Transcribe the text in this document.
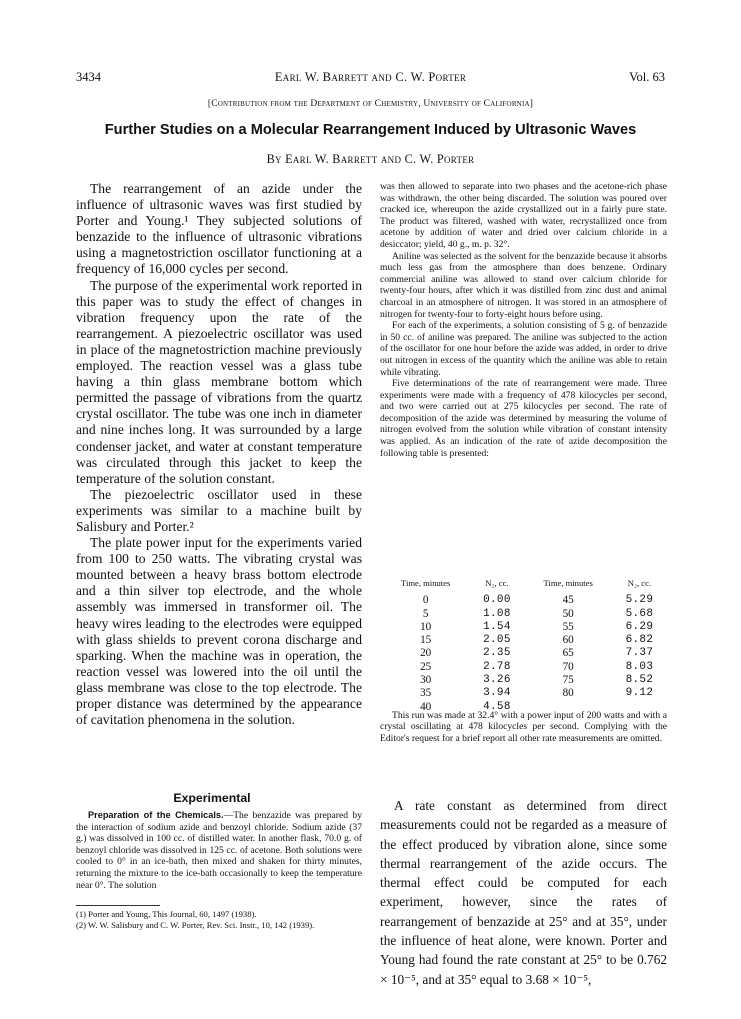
3434	Earl W. Barrett and C. W. Porter	Vol. 63
[Contribution from the Department of Chemistry, University of California]
Further Studies on a Molecular Rearrangement Induced by Ultrasonic Waves
By Earl W. Barrett and C. W. Porter

The rearrangement of an azide under the influence of ultrasonic waves was first studied by Porter and Young.¹ They subjected solutions of benzazide to the influence of ultrasonic vibrations using a magnetostriction oscillator functioning at a frequency of 16,000 cycles per second.

The purpose of the experimental work reported in this paper was to study the effect of changes in vibration frequency upon the rate of the rearrangement. A piezoelectric oscillator was used in place of the magnetostriction machine previously employed. The reaction vessel was a glass tube having a thin glass membrane bottom which permitted the passage of vibrations from the quartz crystal oscillator. The tube was one inch in diameter and nine inches long. It was surrounded by a large condenser jacket, and water at constant temperature was circulated through this jacket to keep the temperature of the solution constant.

The piezoelectric oscillator used in these experiments was similar to a machine built by Salisbury and Porter.²

The plate power input for the experiments varied from 100 to 250 watts. The vibrating crystal was mounted between a heavy brass bottom electrode and a thin silver top electrode, and the whole assembly was immersed in transformer oil. The heavy wires leading to the electrodes were equipped with glass shields to prevent corona discharge and sparking. When the machine was in operation, the reaction vessel was lowered into the oil until the glass membrane was close to the top electrode. The proper distance was determined by the appearance of cavitation phenomena in the solution.

Experimental

Preparation of the Chemicals.—The benzazide was prepared by the interaction of sodium azide and benzoyl chloride. Sodium azide (37 g.) was dissolved in 100 cc. of distilled water. In another flask, 70.0 g. of benzoyl chloride was dissolved in 125 cc. of acetone. Both solutions were cooled to 0° in an ice-bath, then mixed and shaken for thirty minutes, returning the mixture to the ice-bath occasionally to keep the temperature near 0°. The solution

(1) Porter and Young, This Journal, 60, 1497 (1938).

(2) W. W. Salisbury and C. W. Porter, Rev. Sci. Instr., 10, 142 (1939).

was then allowed to separate into two phases and the acetone-rich phase was withdrawn, the other being discarded. The solution was poured over cracked ice, whereupon the azide crystallized out in a fairly pure state. The product was filtered, washed with water, recrystallized once from acetone by addition of water and dried over calcium chloride in a desiccator; yield, 40 g., m. p. 32°.

Aniline was selected as the solvent for the benzazide because it absorbs much less gas from the atmosphere than does benzene. Ordinary commercial aniline was allowed to stand over calcium chloride for twenty-four hours, after which it was distilled from zinc dust and animal charcoal in an atmosphere of nitrogen. It was stored in an atmosphere of nitrogen for twenty-four to forty-eight hours before using.

For each of the experiments, a solution consisting of 5 g. of benzazide in 50 cc. of aniline was prepared. The aniline was subjected to the action of the oscillator for one hour before the azide was added, in order to drive out nitrogen in excess of the quantity which the aniline was able to retain while vibrating.

Five determinations of the rate of rearrangement were made. Three experiments were made with a frequency of 478 kilocycles per second, and two were carried out at 275 kilocycles per second. The rate of decomposition of the azide was determined by measuring the volume of nitrogen evolved from the solution while vibration of constant intensity was applied. As an indication of the rate of azide decomposition the following table is presented:

Time, minutes	N₂, cc.	Time, minutes	N₂, cc.
0	0.00	45	5.29
5	1.08	50	5.68
10	1.54	55	6.29
15	2.05	60	6.82
20	2.35	65	7.37
25	2.78	70	8.03
30	3.26	75	8.52
35	3.94	80	9.12
40	4.58		

This run was made at 32.4° with a power input of 200 watts and with a crystal oscillating at 478 kilocycles per second. Complying with the Editor's request for a brief report all other rate measurements are omitted.

A rate constant as determined from direct measurements could not be regarded as a measure of the effect produced by vibration alone, since some thermal rearrangement of the azide occurs. The thermal effect could be computed for each experiment, however, since the rates of rearrangement of benzazide at 25° and at 35°, under the influence of heat alone, were known. Porter and Young had found the rate constant at 25° to be 0.762 × 10⁻⁵, and at 35° equal to 3.68 × 10⁻⁵,
